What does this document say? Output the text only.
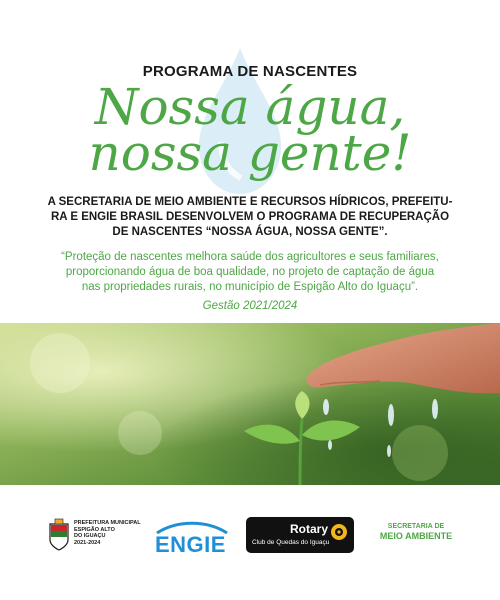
PROGRAMA DE NASCENTES
Nossa água,
nossa gente!
A SECRETARIA DE MEIO AMBIENTE E RECURSOS HÍDRICOS, PREFEITU-
RA E ENGIE BRASIL DESENVOLVEM O PROGRAMA DE RECUPERAÇÃO
DE NASCENTES “NOSSA ÁGUA, NOSSA GENTE”.
“Proteção de nascentes melhora saúde dos agricultores e seus familiares,
proporcionando água de boa qualidade, no projeto de captação de água
nas propriedades rurais, no município de Espigão Alto do Iguaçu”.
Gestão 2021/2024
PREFEITURA MUNICIPAL
ESPIGÃO ALTO
DO IGUAÇU
2021-2024	ENGIE
Rotary
Club de Quedas do Iguaçu
SECRETARIA DE
MEIO AMBIENTE
